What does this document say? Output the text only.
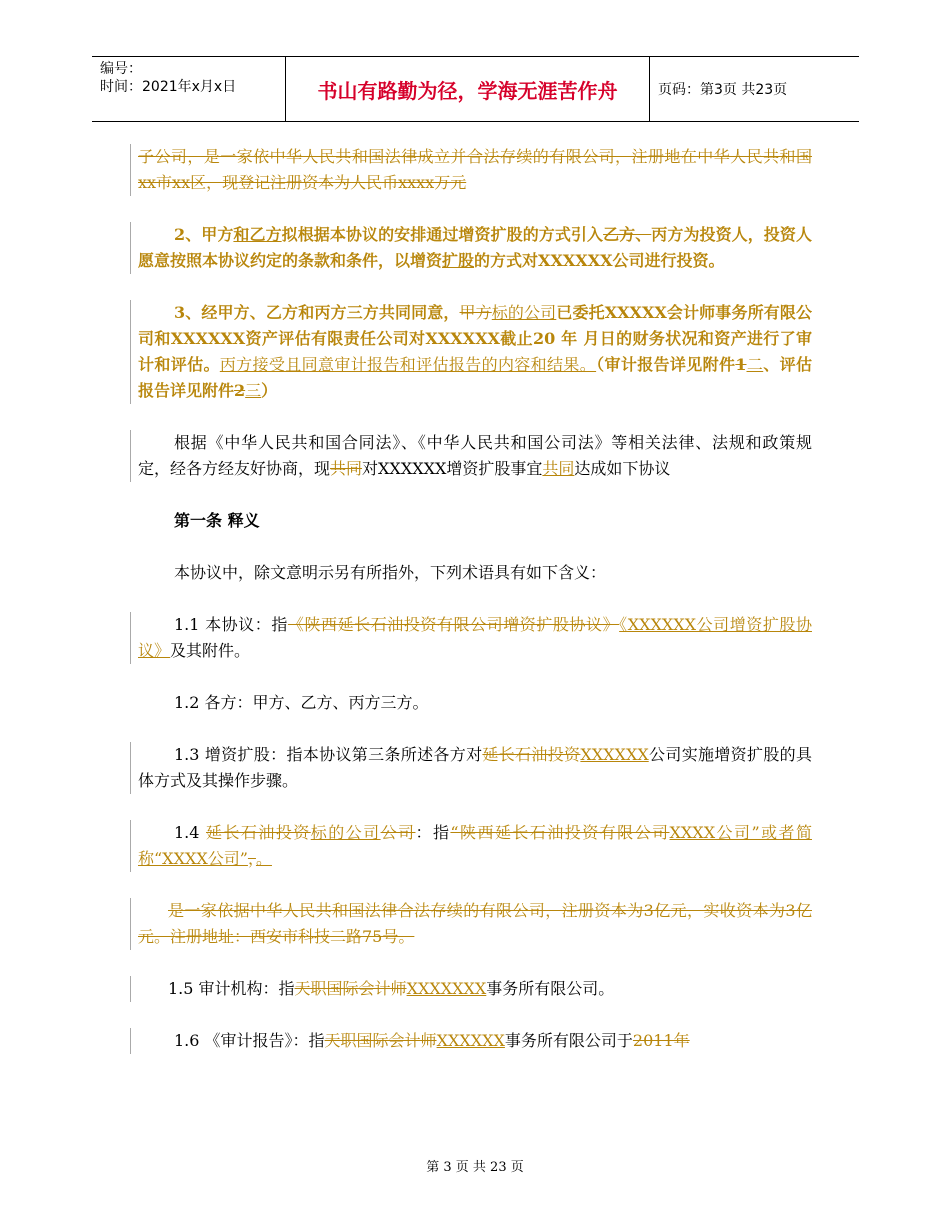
编号：
时间：2021年x月x日	书山有路勤为径，学海无涯苦作舟	页码：第3页 共23页

子公司，是一家依中华人民共和国法律成立并合法存续的有限公司，注册地在中华人民共和国xx市xx区，现登记注册资本为人民币xxxx万元

2、甲方和乙方拟根据本协议的安排通过增资扩股的方式引入乙方、丙方为投资人，投资人愿意按照本协议约定的条款和条件，以增资扩股的方式对XXXXXX公司进行投资。

3、经甲方、乙方和丙方三方共同同意，甲方标的公司已委托XXXXX会计师事务所有限公司和XXXXXX资产评估有限责任公司对XXXXXX截止20 年 月日的财务状况和资产进行了审计和评估。丙方接受且同意审计报告和评估报告的内容和结果。（审计报告详见附件1二、评估报告详见附件2三）

根据《中华人民共和国合同法》、《中华人民共和国公司法》等相关法律、法规和政策规定，经各方经友好协商，现共同对XXXXXX增资扩股事宜共同达成如下协议

第一条 释义

本协议中，除文意明示另有所指外，下列术语具有如下含义：

1.1 本协议：指《陕西延长石油投资有限公司增资扩股协议》《XXXXXX公司增资扩股协议》及其附件。

1.2 各方：甲方、乙方、丙方三方。

1.3 增资扩股：指本协议第三条所述各方对延长石油投资XXXXXX公司实施增资扩股的具体方式及其操作步骤。

1.4 延长石油投资标的公司公司：指“陕西延长石油投资有限公司XXXX公司”或者简称“XXXX公司”，。

是一家依据中华人民共和国法律合法存续的有限公司，注册资本为3亿元，实收资本为3亿元。注册地址：西安市科技二路75号。

1.5 审计机构：指天职国际会计师XXXXXXX事务所有限公司。

1.6 《审计报告》：指天职国际会计师XXXXXX事务所有限公司于2011年

第 3 页 共 23 页
